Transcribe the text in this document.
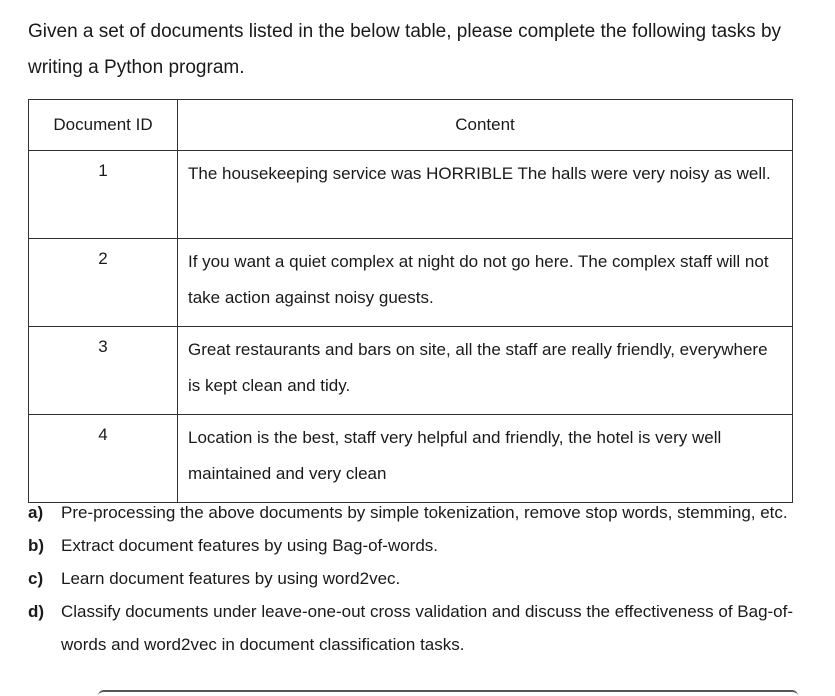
Given a set of documents listed in the below table, please complete the following tasks by writing a Python program.

Document ID	Content
1	The housekeeping service was HORRIBLE The halls were very noisy as well.
2	If you want a quiet complex at night do not go here. The complex staff will not take action against noisy guests.
3	Great restaurants and bars on site, all the staff are really friendly, everywhere is kept clean and tidy.
4	Location is the best, staff very helpful and friendly, the hotel is very well maintained and very clean
a)	Pre-processing the above documents by simple tokenization, remove stop words, stemming, etc.
b) Extract document features by using Bag-of-words.
c)	Learn document features by using word2vec.
d) Classify documents under leave-one-out cross validation and discuss the effectiveness of Bag-of-words and word2vec in document classification tasks.
